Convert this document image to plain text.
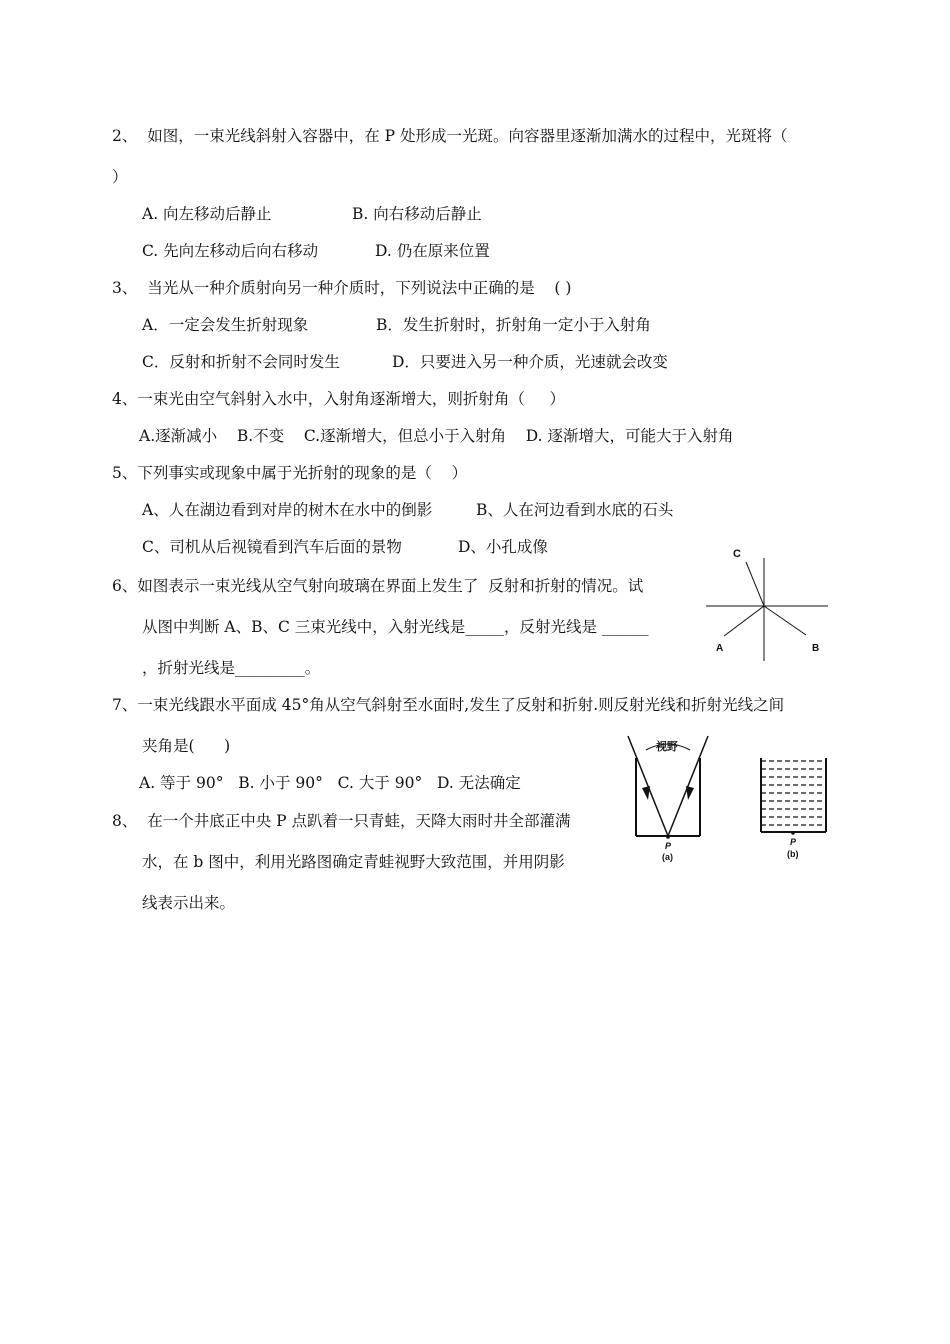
2、  如图，一束光线斜射入容器中，在 P 处形成一光斑。向容器里逐渐加满水的过程中，光斑将（
）
A. 向左移动后静止	B. 向右移动后静止
C. 先向左移动后向右移动	D. 仍在原来位置
3、  当光从一种介质射向另一种介质时，下列说法中正确的是    ( )
A．一定会发生折射现象	B．发生折射时，折射角一定小于入射角
C．反射和折射不会同时发生	D．只要进入另一种介质，光速就会改变
4、一束光由空气斜射入水中，入射角逐渐增大，则折射角（     ）
A.逐渐减小    B.不变    C.逐渐增大，但总小于入射角    D. 逐渐增大，可能大于入射角
5、下列事实或现象中属于光折射的现象的是（    ）
A、人在湖边看到对岸的树木在水中的倒影	B、人在河边看到水底的石头
C、司机从后视镜看到汽车后面的景物	D、小孔成像
6、如图表示一束光线从空气射向玻璃在界面上发生了  反射和折射的情况。试
从图中判断 A、B、C 三束光线中，入射光线是_____，反射光线是 ______
，折射光线是_________。
C
A	B
7、一束光线跟水平面成 45°角从空气斜射至水面时,发生了反射和折射.则反射光线和折射光线之间
夹角是(      )
A. 等于 90°   B. 小于 90°   C. 大于 90°   D. 无法确定
8、  在一个井底正中央 P 点趴着一只青蛙，天降大雨时井全部灌满
水，在 b 图中，利用光路图确定青蛙视野大致范围，并用阴影
线表示出来。
视野
P
(a)
P
(b)
